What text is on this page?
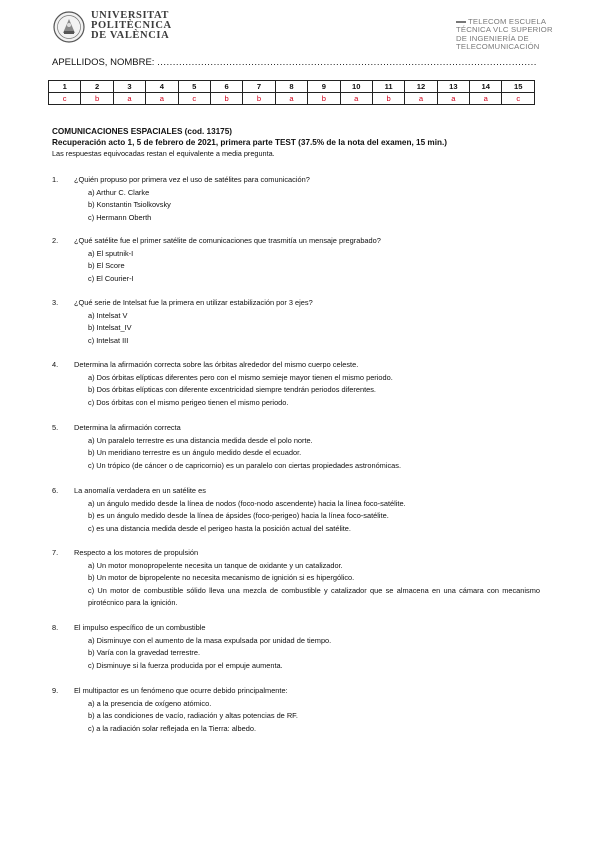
UNIVERSITAT
POLITÈCNICA
DE VALÈNCIA
TELECOM ESCUELA
TÉCNICA VLC SUPERIOR
DE INGENIERÍA DE
TELECOMUNICACIÓN
APELLIDOS, NOMBRE: .........................................................................................................................
1	2	3	4	5	6	7	8	9	10	11	12	13	14	15
c	b	a	a	c	b	b	a	b	a	b	a	a	a	c
COMUNICACIONES ESPACIALES (cod. 13175)
Recuperación acto 1, 5 de febrero de 2021, primera parte TEST (37.5% de la nota del examen, 15 min.)
Las respuestas equivocadas restan el equivalente a media pregunta.
1.	¿Quién propuso por primera vez el uso de satélites para comunicación?
a) Arthur C. Clarke
b) Konstantin Tsiolkovsky
c) Hermann Oberth
2.	¿Qué satélite fue el primer satélite de comunicaciones que trasmitía un mensaje pregrabado?
a) El sputnik-I
b) El Score
c) El Courier-I
3.	¿Qué serie de Intelsat fue la primera en utilizar estabilización por 3 ejes?
a) Intelsat V
b) Intelsat_IV
c) Intelsat III
4.	Determina la afirmación correcta sobre las órbitas alrededor del mismo cuerpo celeste.
a) Dos órbitas elípticas diferentes pero con el mismo semieje mayor tienen el mismo periodo.
b) Dos órbitas elípticas con diferente excentricidad siempre tendrán periodos diferentes.
c) Dos órbitas con el mismo perigeo tienen el mismo periodo.
5.	Determina la afirmación correcta
a) Un paralelo terrestre es una distancia medida desde el polo norte.
b) Un meridiano terrestre es un ángulo medido desde el ecuador.
c) Un trópico (de cáncer o de capricornio) es un paralelo con ciertas propiedades astronómicas.
6.	La anomalía verdadera en un satélite es
a) un ángulo medido desde la línea de nodos (foco-nodo ascendente) hacia la línea foco-satélite.
b) es un ángulo medido desde la línea de ápsides (foco-perigeo) hacia la línea foco-satélite.
c) es una distancia medida desde el perigeo hasta la posición actual del satélite.
7.	Respecto a los motores de propulsión
a) Un motor monopropelente necesita un tanque de oxidante y un catalizador.
b) Un motor de bipropelente no necesita mecanismo de ignición si es hipergólico.
c) Un motor de combustible sólido lleva una mezcla de combustible y catalizador que se almacena en una cámara con mecanismo pirotécnico para la ignición.
8.	El impulso específico de un combustible
a) Disminuye con el aumento de la masa expulsada por unidad de tiempo.
b) Varía con la gravedad terrestre.
c) Disminuye si la fuerza producida por el empuje aumenta.
9.	El multipactor es un fenómeno que ocurre debido principalmente:
a) a la presencia de oxígeno atómico.
b) a las condiciones de vacío, radiación y altas potencias de RF.
c) a la radiación solar reflejada en la Tierra: albedo.
